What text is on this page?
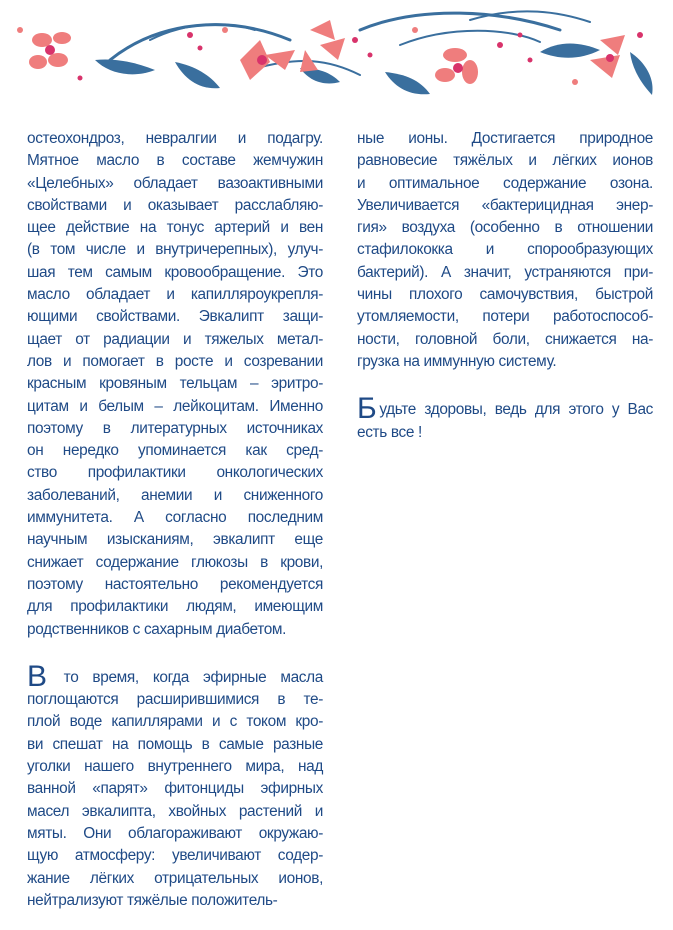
остеохондроз, невралгии и подагру.
Мятное масло в составе жемчужин
«Целебных» обладает вазоактивными
свойствами и оказывает расслабляю-
щее действие на тонус артерий и вен
(в том числе и внутричерепных), улуч-
шая тем самым кровообращение. Это
масло обладает и капилляроукрепля-
ющими свойствами. Эвкалипт защи-
щает от радиации и тяжелых метал-
лов и помогает в росте и созревании
красным кровяным тельцам – эритро-
цитам и белым – лейкоцитам. Именно
поэтому в литературных источниках
он нередко упоминается как сред-
ство профилактики онкологических
заболеваний, анемии и сниженного
иммунитета. А согласно последним
научным изысканиям, эвкалипт еще
снижает содержание глюкозы в крови,
поэтому настоятельно рекомендуется
для профилактики людям, имеющим
родственников с сахарным диабетом.

В то время, когда эфирные масла
поглощаются расширившимися в те-
плой воде капиллярами и с током кро-
ви спешат на помощь в самые разные
уголки нашего внутреннего мира, над
ванной «парят» фитонциды эфирных
масел эвкалипта, хвойных растений и
мяты. Они облагораживают окружаю-
щую атмосферу: увеличивают содер-
жание лёгких отрицательных ионов,
нейтрализуют тяжёлые положитель-

ные ионы. Достигается природное
равновесие тяжёлых и лёгких ионов
и оптимальное содержание озона.
Увеличивается «бактерицидная энер-
гия» воздуха (особенно в отношении
стафилококка и спорообразующих
бактерий). А значит, устраняются при-
чины плохого самочувствия, быстрой
утомляемости, потери работоспособ-
ности, головной боли, снижается на-
грузка на иммунную систему.

Будьте здоровы, ведь для этого у Вас
есть все !
